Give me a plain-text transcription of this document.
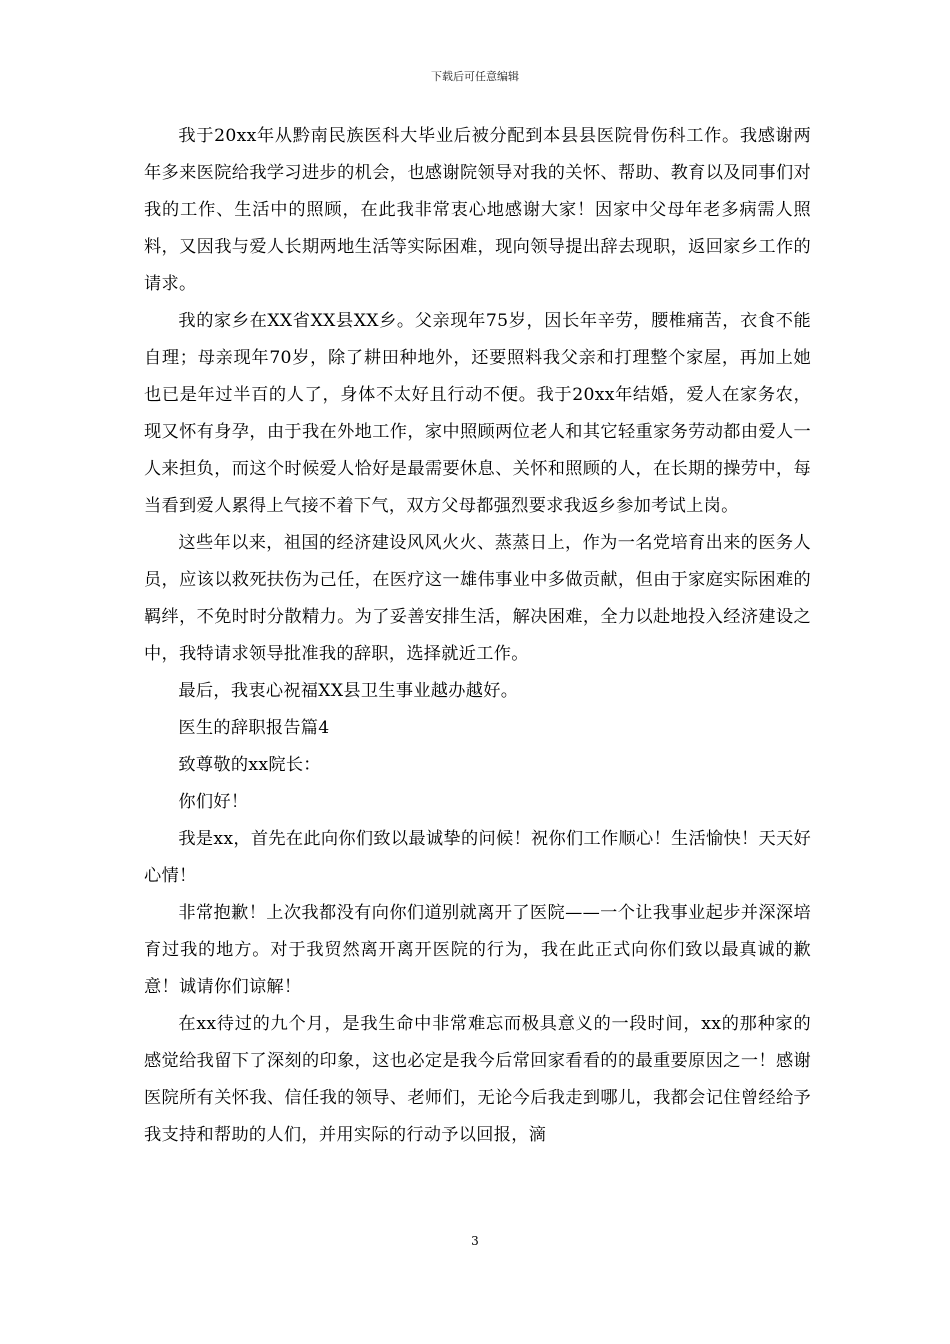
下载后可任意编辑

我于20xx年从黔南民族医科大毕业后被分配到本县县医院骨伤科工作。我感谢两年多来医院给我学习进步的机会，也感谢院领导对我的关怀、帮助、教育以及同事们对我的工作、生活中的照顾，在此我非常衷心地感谢大家！因家中父母年老多病需人照料，又因我与爱人长期两地生活等实际困难，现向领导提出辞去现职，返回家乡工作的请求。

我的家乡在XX省XX县XX乡。父亲现年75岁，因长年辛劳，腰椎痛苦，衣食不能自理；母亲现年70岁，除了耕田种地外，还要照料我父亲和打理整个家屋，再加上她也已是年过半百的人了，身体不太好且行动不便。我于20xx年结婚，爱人在家务农，现又怀有身孕，由于我在外地工作，家中照顾两位老人和其它轻重家务劳动都由爱人一人来担负，而这个时候爱人恰好是最需要休息、关怀和照顾的人，在长期的操劳中，每当看到爱人累得上气接不着下气，双方父母都强烈要求我返乡参加考试上岗。

这些年以来，祖国的经济建设风风火火、蒸蒸日上，作为一名党培育出来的医务人员，应该以救死扶伤为己任，在医疗这一雄伟事业中多做贡献，但由于家庭实际困难的羁绊，不免时时分散精力。为了妥善安排生活，解决困难，全力以赴地投入经济建设之中，我特请求领导批准我的辞职，选择就近工作。

最后，我衷心祝福XX县卫生事业越办越好。

医生的辞职报告篇4

致尊敬的xx院长：

你们好！

我是xx，首先在此向你们致以最诚挚的问候！祝你们工作顺心！生活愉快！天天好心情！

非常抱歉！上次我都没有向你们道别就离开了医院——一个让我事业起步并深深培育过我的地方。对于我贸然离开离开医院的行为，我在此正式向你们致以最真诚的歉意！诚请你们谅解！

在xx待过的九个月，是我生命中非常难忘而极具意义的一段时间，xx的那种家的感觉给我留下了深刻的印象，这也必定是我今后常回家看看的的最重要原因之一！感谢医院所有关怀我、信任我的领导、老师们，无论今后我走到哪儿，我都会记住曾经给予我支持和帮助的人们，并用实际的行动予以回报，滴

3
